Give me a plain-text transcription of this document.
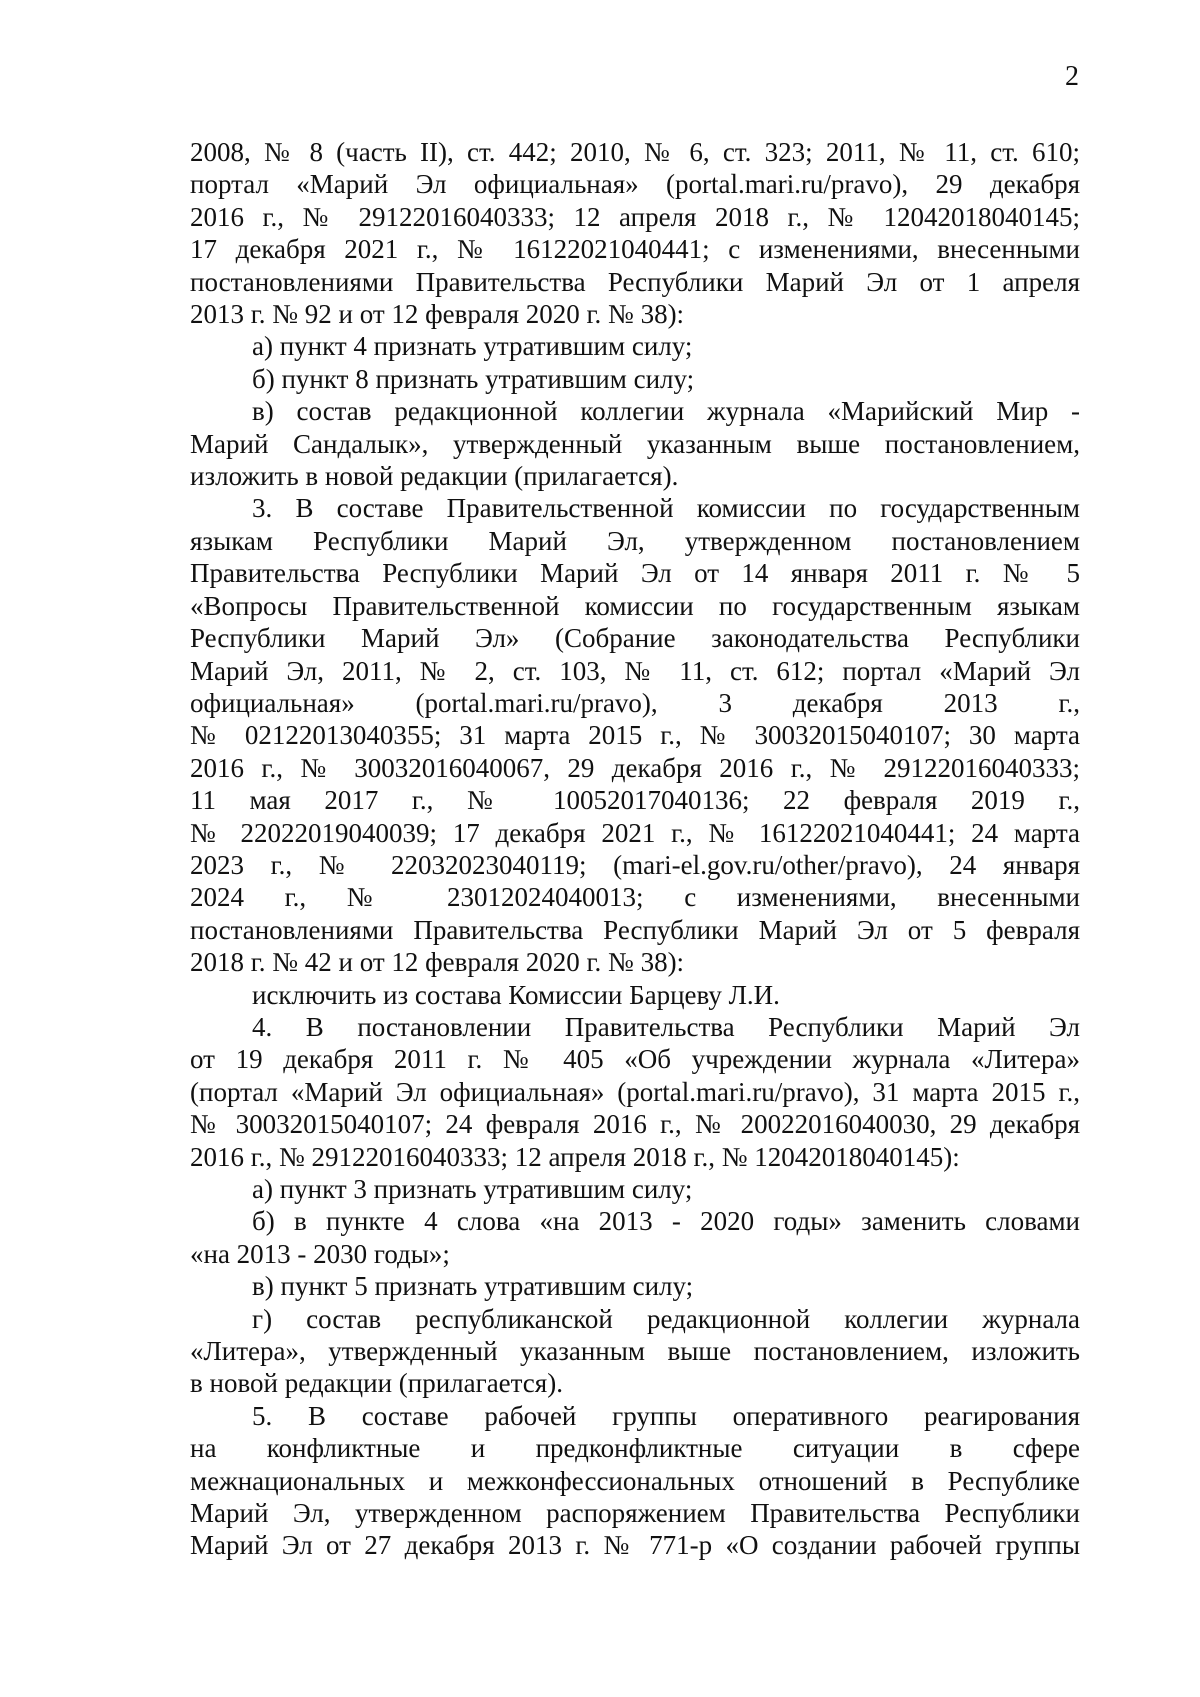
2
2008, № 8 (часть II), ст. 442; 2010, № 6, ст. 323; 2011, № 11, ст. 610;
портал «Марий Эл официальная» (portal.mari.ru/pravo), 29 декабря
2016 г., № 29122016040333; 12 апреля 2018 г., № 12042018040145;
17 декабря 2021 г., № 16122021040441; с изменениями, внесенными
постановлениями Правительства Республики Марий Эл от 1 апреля
2013 г. № 92 и от 12 февраля 2020 г. № 38):
а) пункт 4 признать утратившим силу;
б) пункт 8 признать утратившим силу;
в) состав редакционной коллегии журнала «Марийский Мир -
Марий Сандалык», утвержденный указанным выше постановлением,
изложить в новой редакции (прилагается).
3. В составе Правительственной комиссии по государственным
языкам Республики Марий Эл, утвержденном постановлением
Правительства Республики Марий Эл от 14 января 2011 г. № 5
«Вопросы Правительственной комиссии по государственным языкам
Республики Марий Эл» (Собрание законодательства Республики
Марий Эл, 2011, № 2, ст. 103, № 11, ст. 612; портал «Марий Эл
официальная» (portal.mari.ru/pravo), 3 декабря 2013 г.,
№ 02122013040355; 31 марта 2015 г., № 30032015040107; 30 марта
2016 г., № 30032016040067, 29 декабря 2016 г., № 29122016040333;
11 мая 2017 г., № 10052017040136; 22 февраля 2019 г.,
№ 22022019040039; 17 декабря 2021 г., № 16122021040441; 24 марта
2023 г., № 22032023040119; (mari-el.gov.ru/other/pravo), 24 января
2024 г., № 23012024040013; с изменениями, внесенными
постановлениями Правительства Республики Марий Эл от 5 февраля
2018 г. № 42 и от 12 февраля 2020 г. № 38):
исключить из состава Комиссии Барцеву Л.И.
4. В постановлении Правительства Республики Марий Эл
от 19 декабря 2011 г. № 405 «Об учреждении журнала «Литера»
(портал «Марий Эл официальная» (portal.mari.ru/pravo), 31 марта 2015 г.,
№ 30032015040107; 24 февраля 2016 г., № 20022016040030, 29 декабря
2016 г., № 29122016040333; 12 апреля 2018 г., № 12042018040145):
а) пункт 3 признать утратившим силу;
б) в пункте 4 слова «на 2013 - 2020 годы» заменить словами
«на 2013 - 2030 годы»;
в) пункт 5 признать утратившим силу;
г) состав республиканской редакционной коллегии журнала
«Литера», утвержденный указанным выше постановлением, изложить
в новой редакции (прилагается).
5. В составе рабочей группы оперативного реагирования
на конфликтные и предконфликтные ситуации в сфере
межнациональных и межконфессиональных отношений в Республике
Марий Эл, утвержденном распоряжением Правительства Республики
Марий Эл от 27 декабря 2013 г. № 771-р «О создании рабочей группы
